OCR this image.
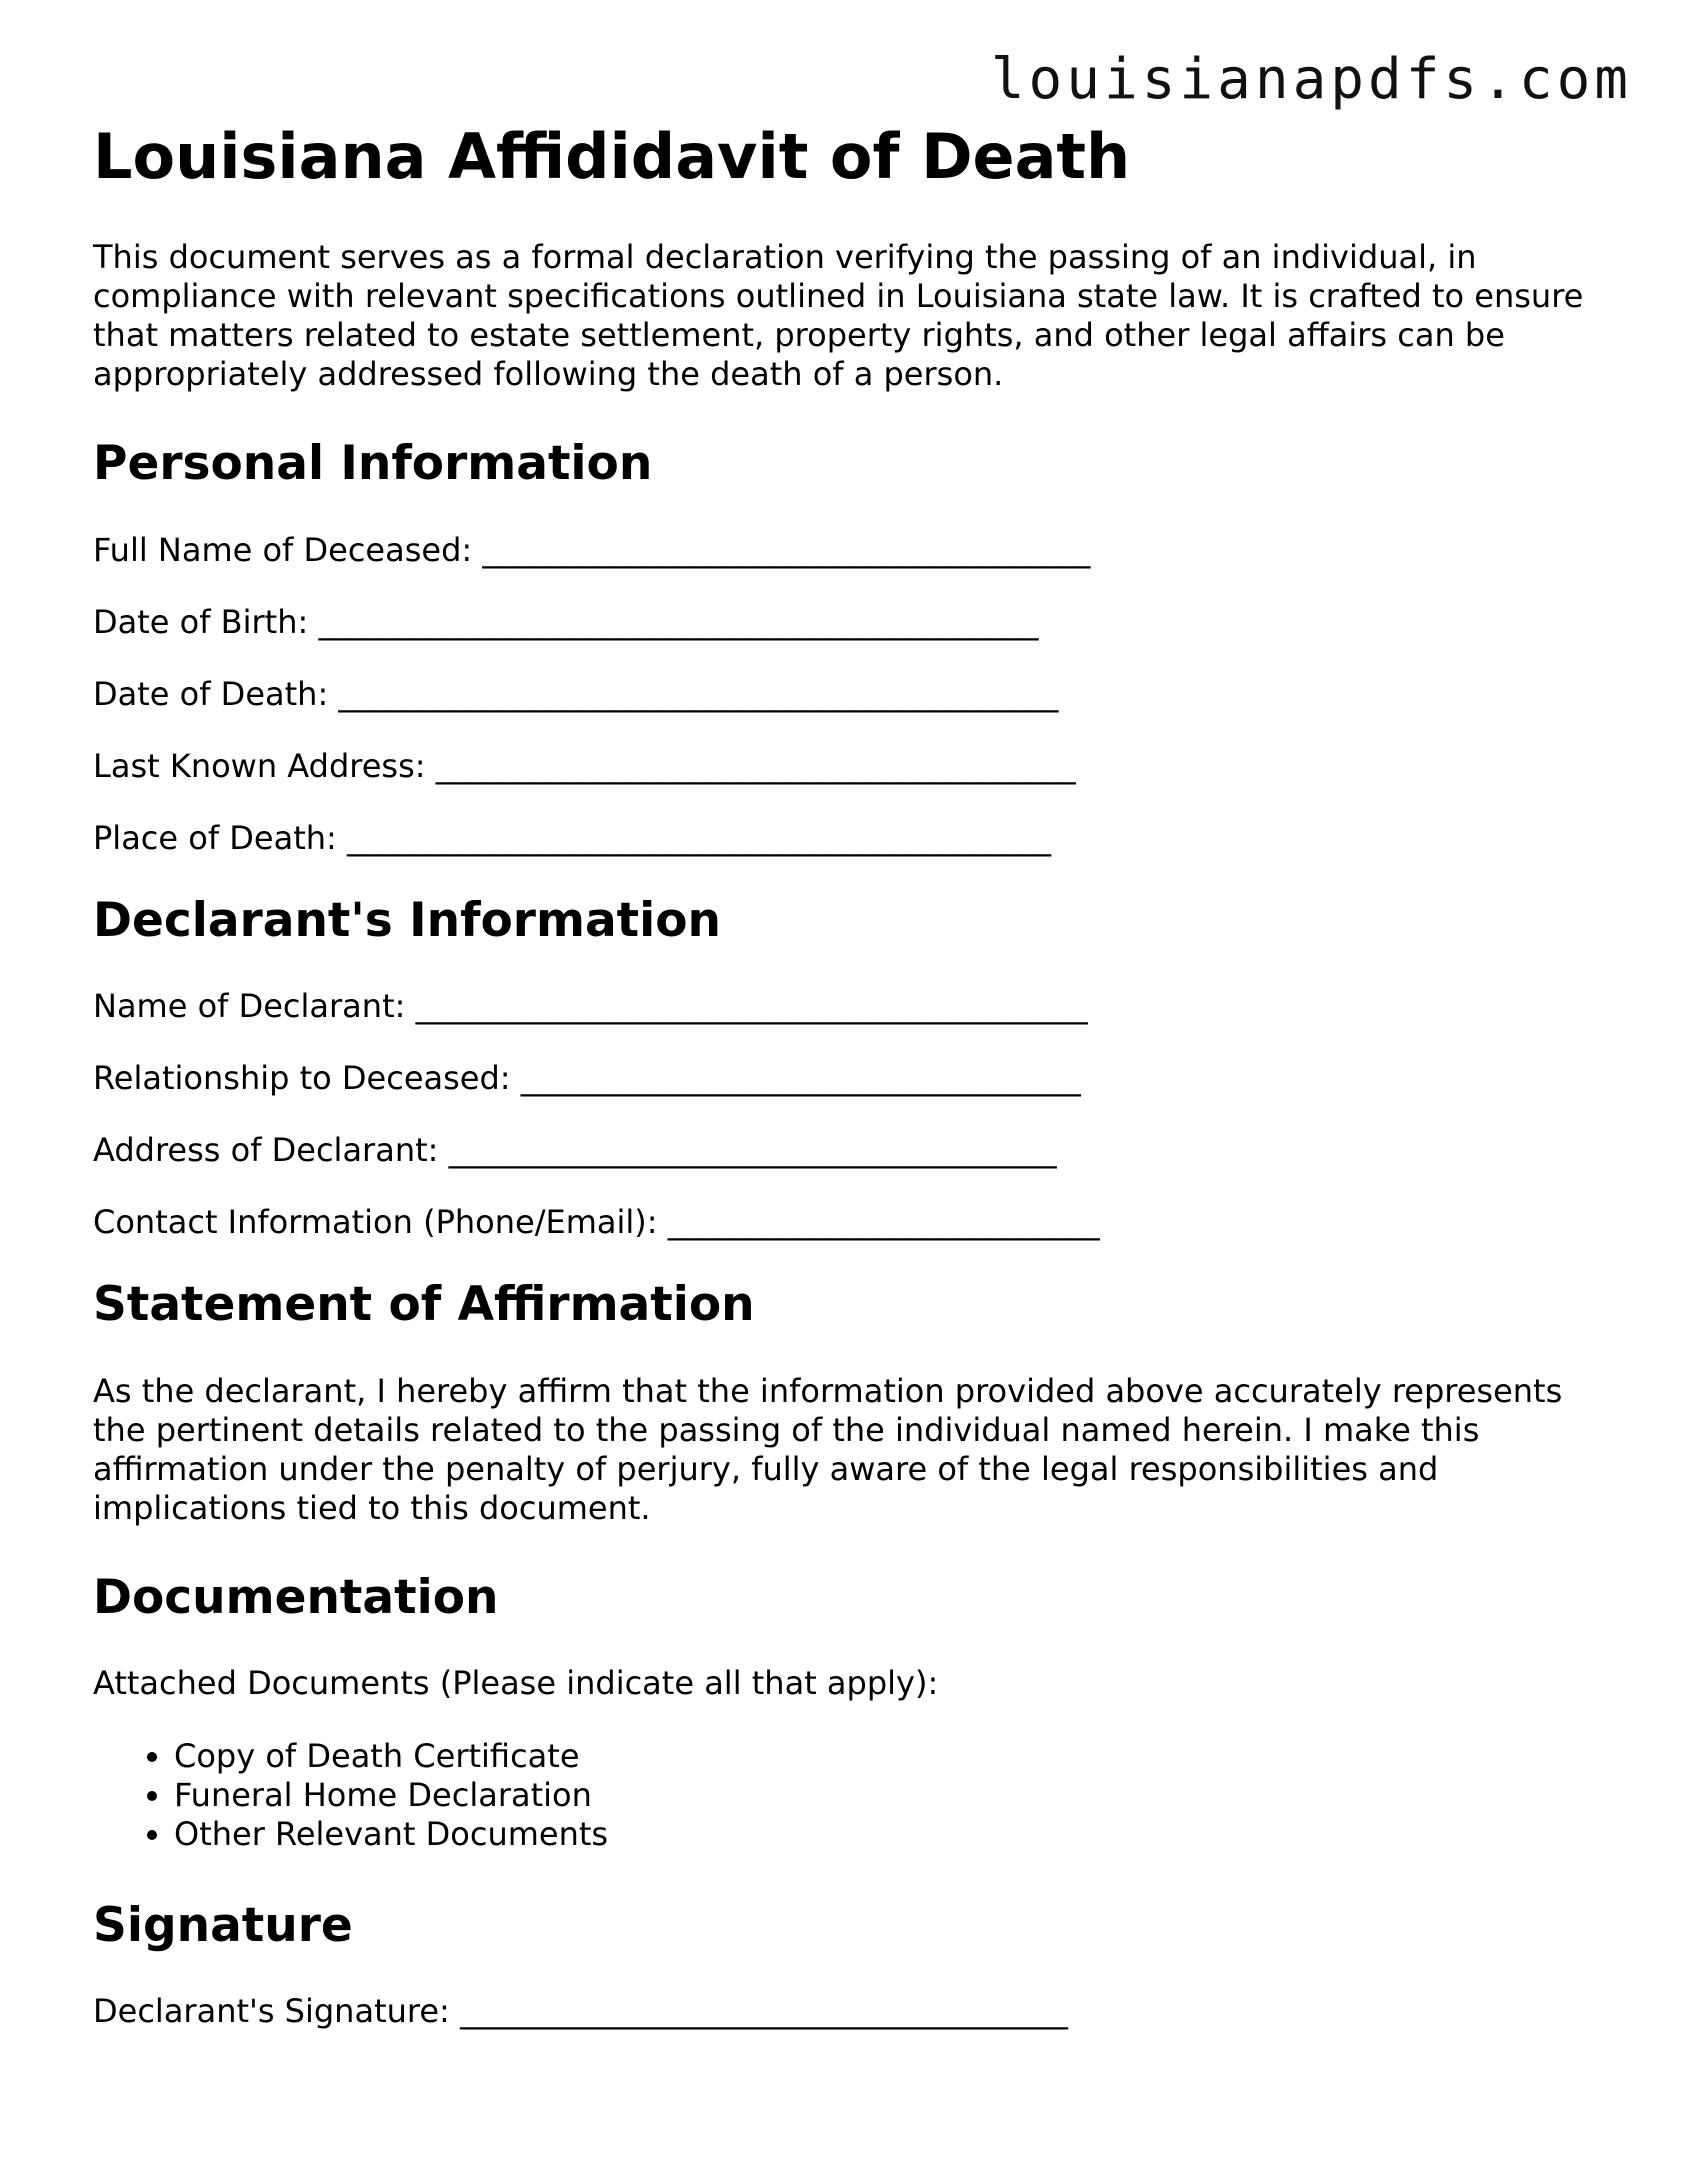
louisianapdfs.com

Louisiana Affididavit of Death

This document serves as a formal declaration verifying the passing of an individual, in compliance with relevant specifications outlined in Louisiana state law. It is crafted to ensure that matters related to estate settlement, property rights, and other legal affairs can be appropriately addressed following the death of a person.

Personal Information

Full Name of Deceased: ______________________________________

Date of Birth: _____________________________________________

Date of Death: _____________________________________________

Last Known Address: ________________________________________

Place of Death: ____________________________________________

Declarant's Information

Name of Declarant: __________________________________________

Relationship to Deceased: ___________________________________

Address of Declarant: ______________________________________

Contact Information (Phone/Email): ___________________________

Statement of Affirmation

As the declarant, I hereby affirm that the information provided above accurately represents the pertinent details related to the passing of the individual named herein. I make this affirmation under the penalty of perjury, fully aware of the legal responsibilities and implications tied to this document.

Documentation

Attached Documents (Please indicate all that apply):

• Copy of Death Certificate
• Funeral Home Declaration
• Other Relevant Documents
Signature

Declarant's Signature: ______________________________________
